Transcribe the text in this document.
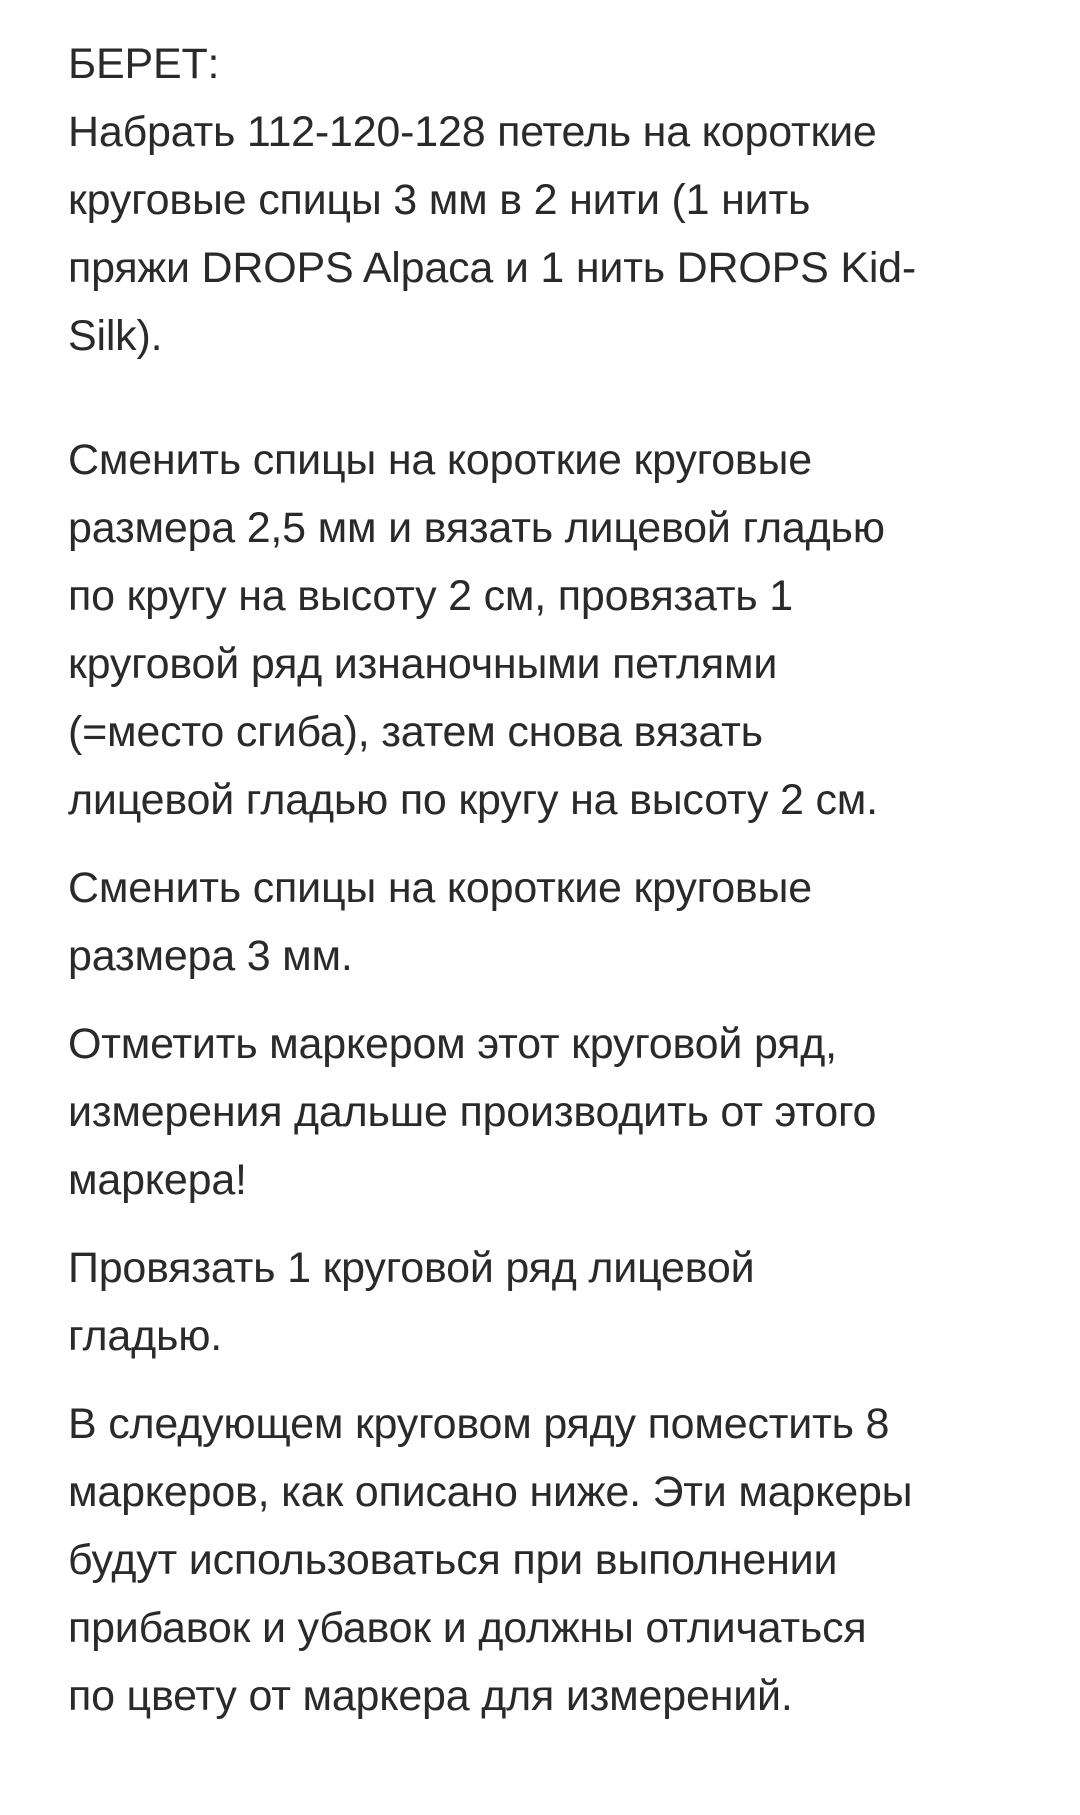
БЕРЕТ:
Набрать 112-120-128 петель на короткие
круговые спицы 3 мм в 2 нити (1 нить
пряжи DROPS Alpaca и 1 нить DROPS Kid-
Silk).
Сменить спицы на короткие круговые
размера 2,5 мм и вязать лицевой гладью
по кругу на высоту 2 см, провязать 1
круговой ряд изнаночными петлями
(=место сгиба), затем снова вязать
лицевой гладью по кругу на высоту 2 см.
Сменить спицы на короткие круговые
размера 3 мм.
Отметить маркером этот круговой ряд,
измерения дальше производить от этого
маркера!
Провязать 1 круговой ряд лицевой
гладью.
В следующем круговом ряду поместить 8
маркеров, как описано ниже. Эти маркеры
будут использоваться при выполнении
прибавок и убавок и должны отличаться
по цвету от маркера для измерений.
